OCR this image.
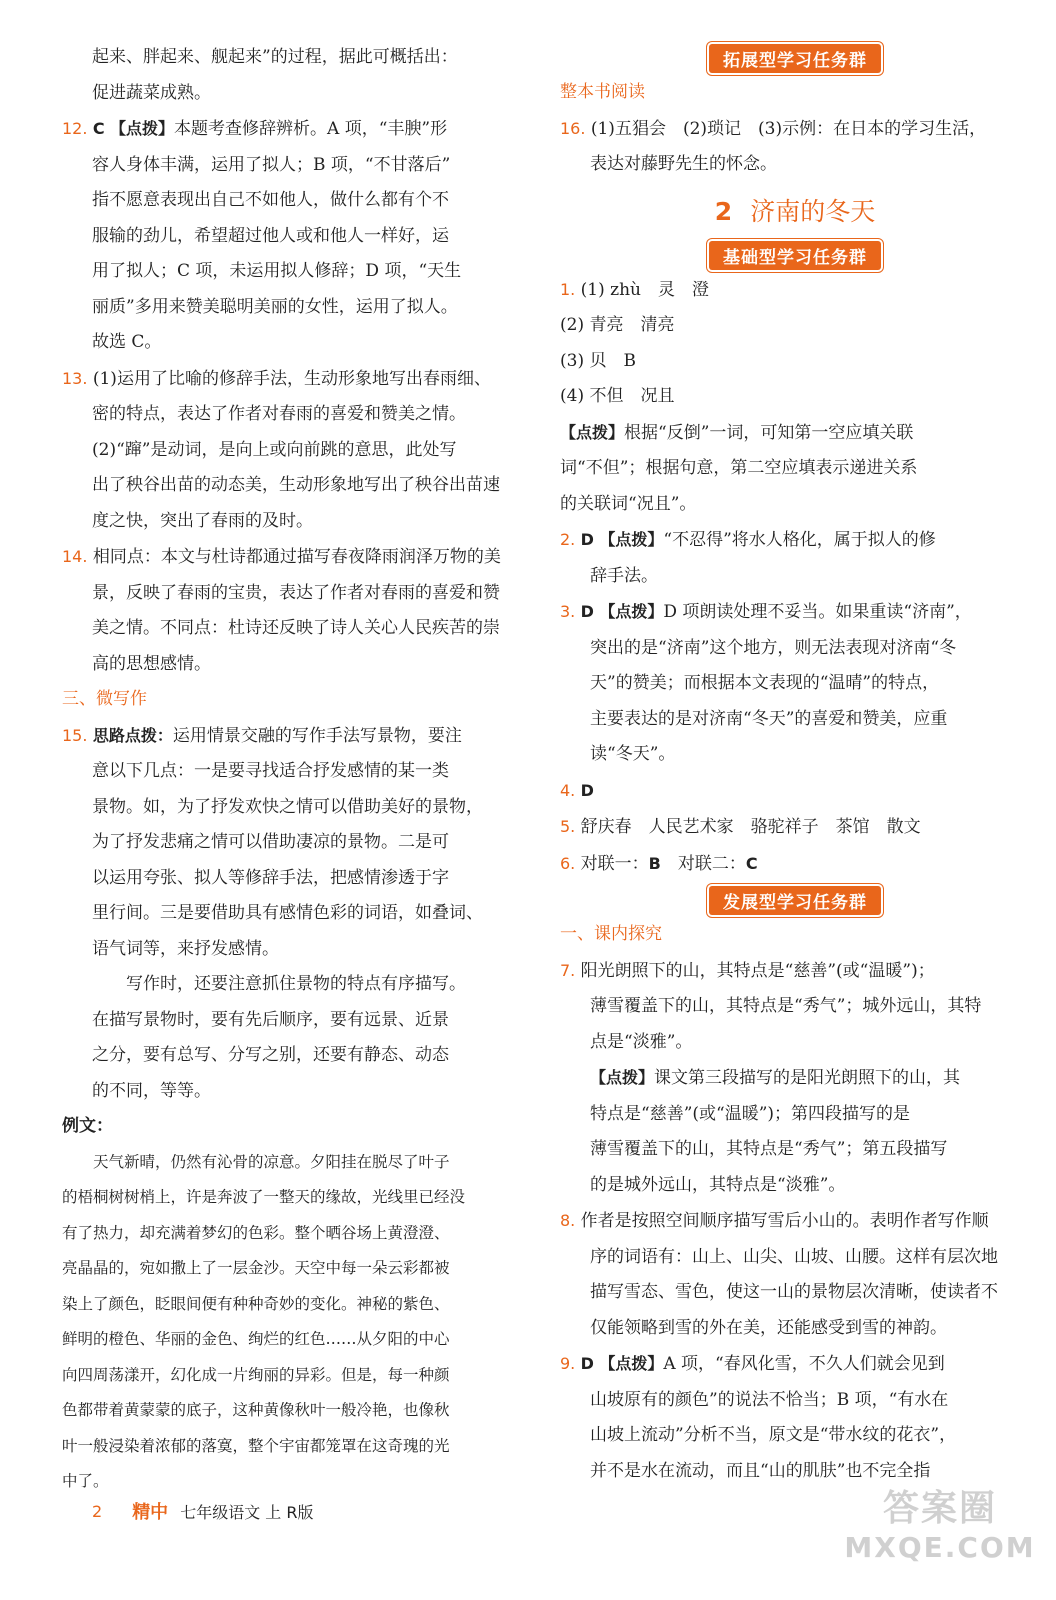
起来、胖起来、舰起来”的过程，据此可概括出：

促进蔬菜成熟。

12. C 【点拨】本题考查修辞辨析。A 项，“丰腴”形

容人身体丰满，运用了拟人；B 项，“不甘落后”

指不愿意表现出自己不如他人，做什么都有个不

服输的劲儿，希望超过他人或和他人一样好，运

用了拟人；C 项，未运用拟人修辞；D 项，“天生

丽质”多用来赞美聪明美丽的女性，运用了拟人。

故选 C。

13. (1)运用了比喻的修辞手法，生动形象地写出春雨细、

密的特点，表达了作者对春雨的喜爱和赞美之情。

(2)“蹿”是动词，是向上或向前跳的意思，此处写

出了秧谷出苗的动态美，生动形象地写出了秧谷出苗速

度之快，突出了春雨的及时。

14. 相同点：本文与杜诗都通过描写春夜降雨润泽万物的美

景，反映了春雨的宝贵，表达了作者对春雨的喜爱和赞

美之情。不同点：杜诗还反映了诗人关心人民疾苦的崇

高的思想感情。

三、微写作

15. 思路点拨：运用情景交融的写作手法写景物，要注

意以下几点：一是要寻找适合抒发感情的某一类

景物。如，为了抒发欢快之情可以借助美好的景物，

为了抒发悲痛之情可以借助凄凉的景物。二是可

以运用夸张、拟人等修辞手法，把感情渗透于字

里行间。三是要借助具有感情色彩的词语，如叠词、

语气词等，来抒发感情。

写作时，还要注意抓住景物的特点有序描写。

在描写景物时，要有先后顺序，要有远景、近景

之分，要有总写、分写之别，还要有静态、动态

的不同，等等。

例文：

天气新晴，仍然有沁骨的凉意。夕阳挂在脱尽了叶子

的梧桐树树梢上，许是奔波了一整天的缘故，光线里已经没

有了热力，却充满着梦幻的色彩。整个晒谷场上黄澄澄、

亮晶晶的，宛如撒上了一层金沙。天空中每一朵云彩都被

染上了颜色，眨眼间便有种种奇妙的变化。神秘的紫色、

鲜明的橙色、华丽的金色、绚烂的红色……从夕阳的中心

向四周荡漾开，幻化成一片绚丽的异彩。但是，每一种颜

色都带着黄蒙蒙的底子，这种黄像秋叶一般冷艳，也像秋

叶一般浸染着浓郁的落寞，整个宇宙都笼罩在这奇瑰的光

中了。

拓展型学习任务群

整本书阅读

16. (1)五猖会　(2)琐记　(3)示例：在日本的学习生活，

表达对藤野先生的怀念。

2 济南的冬天
基础型学习任务群

1. (1) zhù　灵　澄

(2) 青亮　清亮

(3) 贝　B

(4) 不但　况且

【点拨】根据“反倒”一词，可知第一空应填关联

词“不但”；根据句意，第二空应填表示递进关系

的关联词“况且”。

2. D 【点拨】“不忍得”将水人格化，属于拟人的修

辞手法。

3. D 【点拨】D 项朗读处理不妥当。如果重读“济南”，

突出的是“济南”这个地方，则无法表现对济南“冬

天”的赞美；而根据本文表现的“温晴”的特点，

主要表达的是对济南“冬天”的喜爱和赞美，应重

读“冬天”。

4. D

5. 舒庆春　人民艺术家　骆驼祥子　茶馆　散文

6. 对联一：B　对联二：C

发展型学习任务群

一、课内探究

7. 阳光朗照下的山，其特点是“慈善”(或“温暖”)；

薄雪覆盖下的山，其特点是“秀气”；城外远山，其特

点是“淡雅”。

【点拨】课文第三段描写的是阳光朗照下的山，其

特点是“慈善”(或“温暖”)；第四段描写的是

薄雪覆盖下的山，其特点是“秀气”；第五段描写

的是城外远山，其特点是“淡雅”。

8. 作者是按照空间顺序描写雪后小山的。表明作者写作顺

序的词语有：山上、山尖、山坡、山腰。这样有层次地

描写雪态、雪色，使这一山的景物层次清晰，使读者不

仅能领略到雪的外在美，还能感受到雪的神韵。

9. D 【点拨】A 项，“春风化雪，不久人们就会见到

山坡原有的颜色”的说法不恰当；B 项，“有水在

山坡上流动”分析不当，原文是“带水纹的花衣”，

并不是水在流动，而且“山的肌肤”也不完全指

2 精中 七年级语文 上 R版	答案圈
MXQE.COM
